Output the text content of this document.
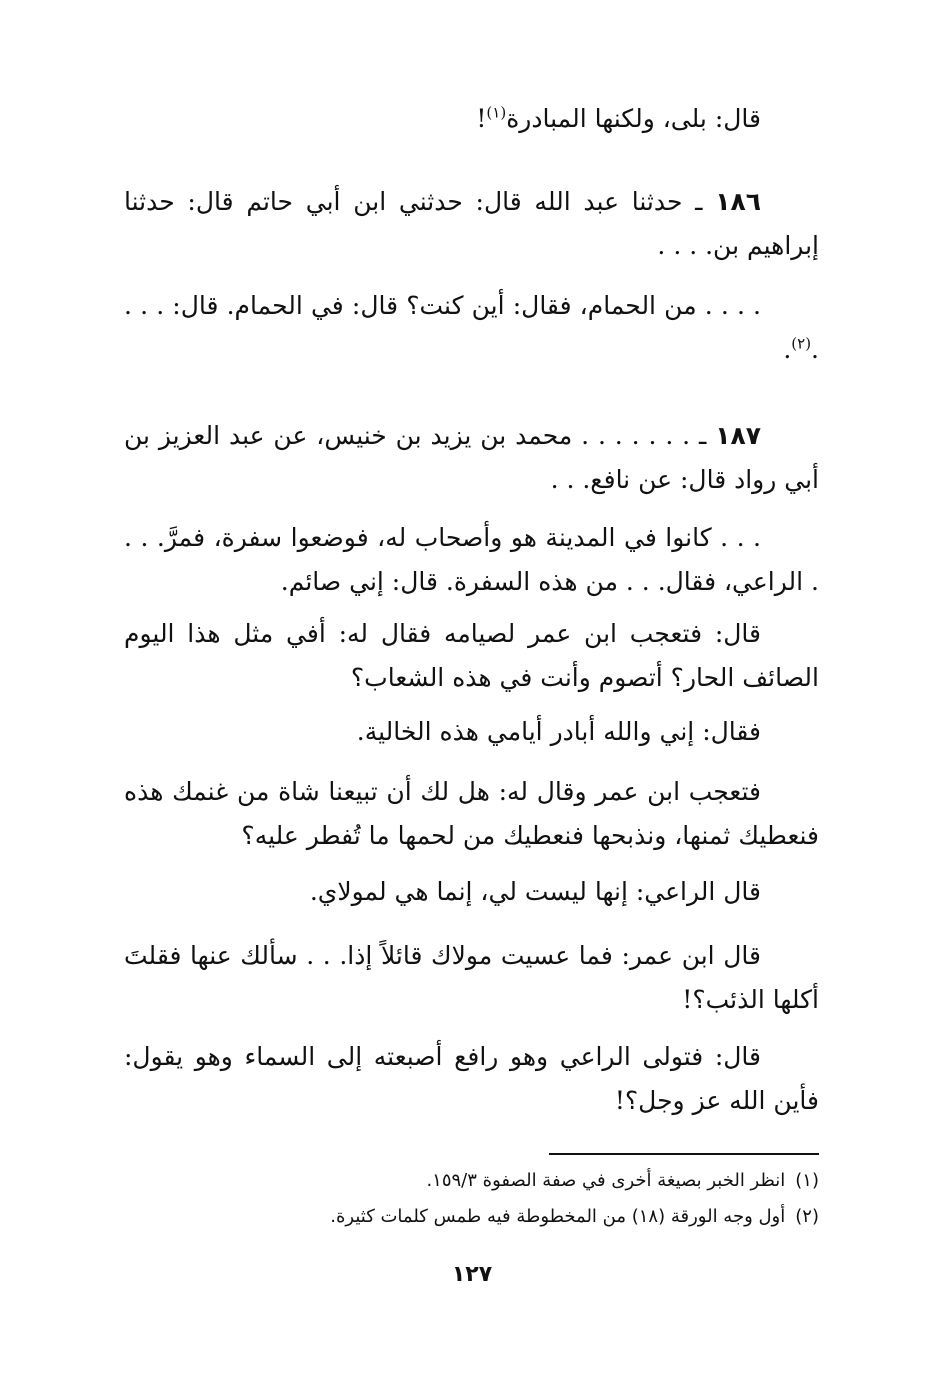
قال: بلى، ولكنها المبادرة$^{(١)}$!
١٨٦ ـ حدثنا عبد الله قال: حدثني ابن أبي حاتم قال: حدثنا إبراهيم بن. . . .
. . . . من الحمام، فقال: أين كنت؟ قال: في الحمام. قال: . . . .$^{(٢)}$.
١٨٧ ـ . . . . . . . محمد بن يزيد بن خنيس، عن عبد العزيز بن أبي رواد قال: عن نافع. . .
. . . كانوا في المدينة هو وأصحاب له، فوضعوا سفرة، فمرَّ. . . . الراعي، فقال. . . من هذه السفرة. قال: إني صائم.
قال: فتعجب ابن عمر لصيامه فقال له: أفي مثل هذا اليوم الصائف الحار؟ أتصوم وأنت في هذه الشعاب؟
فقال: إني والله أبادر أيامي هذه الخالية.
فتعجب ابن عمر وقال له: هل لك أن تبيعنا شاة من غنمك هذه فنعطيك ثمنها، ونذبحها فنعطيك من لحمها ما تُفطر عليه؟
قال الراعي: إنها ليست لي، إنما هي لمولاي.
قال ابن عمر: فما عسيت مولاك قائلاً إذا. . . سألك عنها فقلتَ أكلها الذئب؟!
قال: فتولى الراعي وهو رافع أصبعته إلى السماء وهو يقول: فأين الله عز وجل؟!
(١)انظر الخبر بصيغة أخرى في صفة الصفوة ١٥٩/٣.
(٢)أول وجه الورقة (١٨) من المخطوطة فيه طمس كلمات كثيرة.
١٢٧
